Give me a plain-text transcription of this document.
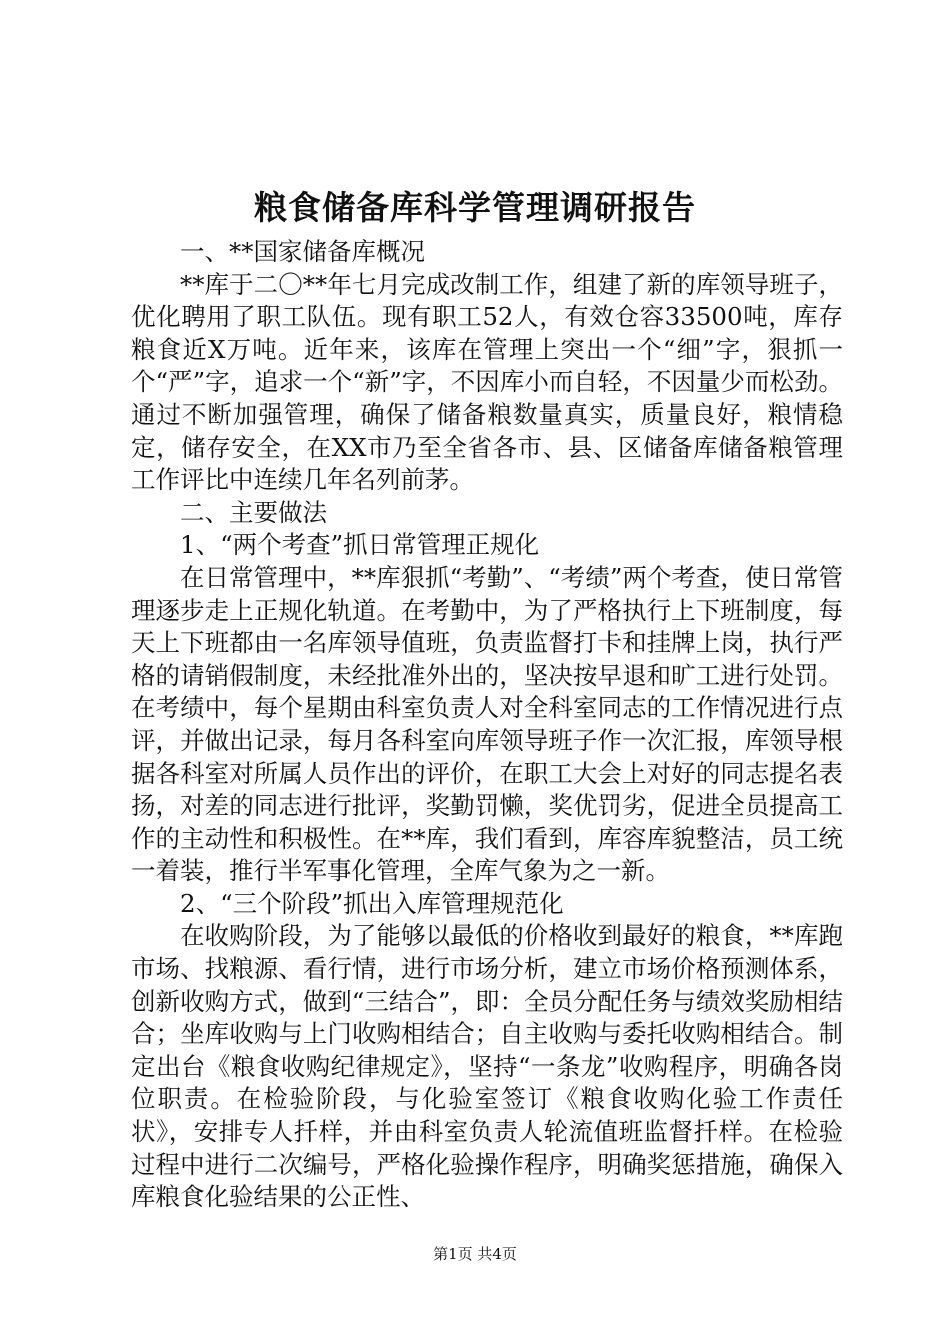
粮食储备库科学管理调研报告

一、**国家储备库概况

**库于二〇**年七月完成改制工作，组建了新的库领导班子，优化聘用了职工队伍。现有职工52人，有效仓容33500吨，库存粮食近X万吨。近年来，该库在管理上突出一个“细”字，狠抓一个“严”字，追求一个“新”字，不因库小而自轻，不因量少而松劲。通过不断加强管理，确保了储备粮数量真实，质量良好，粮情稳定，储存安全，在XX市乃至全省各市、县、区储备库储备粮管理工作评比中连续几年名列前茅。

二、主要做法

1、“两个考查”抓日常管理正规化

在日常管理中，**库狠抓“考勤”、“考绩”两个考查，使日常管理逐步走上正规化轨道。在考勤中，为了严格执行上下班制度，每天上下班都由一名库领导值班，负责监督打卡和挂牌上岗，执行严格的请销假制度，未经批准外出的，坚决按早退和旷工进行处罚。在考绩中，每个星期由科室负责人对全科室同志的工作情况进行点评，并做出记录，每月各科室向库领导班子作一次汇报，库领导根据各科室对所属人员作出的评价，在职工大会上对好的同志提名表扬，对差的同志进行批评，奖勤罚懒，奖优罚劣，促进全员提高工作的主动性和积极性。在**库，我们看到，库容库貌整洁，员工统一着装，推行半军事化管理，全库气象为之一新。

2、“三个阶段”抓出入库管理规范化

在收购阶段，为了能够以最低的价格收到最好的粮食，**库跑市场、找粮源、看行情，进行市场分析，建立市场价格预测体系，创新收购方式，做到“三结合”，即：全员分配任务与绩效奖励相结合；坐库收购与上门收购相结合；自主收购与委托收购相结合。制定出台《粮食收购纪律规定》，坚持“一条龙”收购程序，明确各岗位职责。在检验阶段，与化验室签订《粮食收购化验工作责任状》，安排专人扦样，并由科室负责人轮流值班监督扦样。在检验过程中进行二次编号，严格化验操作程序，明确奖惩措施，确保入库粮食化验结果的公正性、

第1页 共4页
